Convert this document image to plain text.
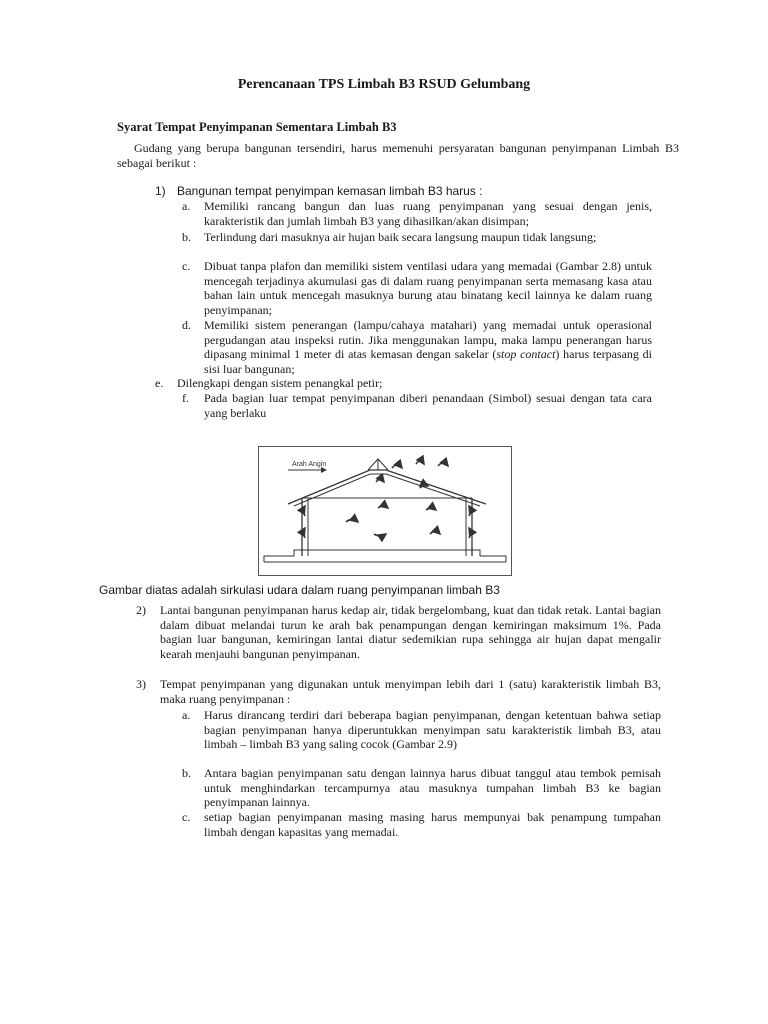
Perencanaan TPS Limbah B3 RSUD Gelumbang
Syarat Tempat Penyimpanan Sementara Limbah B3
Gudang yang berupa bangunan tersendiri, harus memenuhi persyaratan bangunan penyimpanan Limbah B3 sebagai berikut :
1) Bangunan tempat penyimpan kemasan limbah B3 harus :
a. Memiliki rancang bangun dan luas ruang penyimpanan yang sesuai dengan jenis, karakteristik dan jumlah limbah B3 yang dihasilkan/akan disimpan;
b. Terlindung dari masuknya air hujan baik secara langsung maupun tidak langsung;
c. Dibuat tanpa plafon dan memiliki sistem ventilasi udara yang memadai (Gambar 2.8) untuk mencegah terjadinya akumulasi gas di dalam ruang penyimpanan serta memasang kasa atau bahan lain untuk mencegah masuknya burung atau binatang kecil lainnya ke dalam ruang penyimpanan;
d. Memiliki sistem penerangan (lampu/cahaya matahari) yang memadai untuk operasional pergudangan atau inspeksi rutin. Jika menggunakan lampu, maka lampu penerangan harus dipasang minimal 1 meter di atas kemasan dengan sakelar (stop contact) harus terpasang di sisi luar bangunan;
e. Dilengkapi dengan sistem penangkal petir;
f. Pada bagian luar tempat penyimpanan diberi penandaan (Simbol) sesuai dengan tata cara yang berlaku
Arah Angin
Gambar diatas adalah sirkulasi udara dalam ruang penyimpanan limbah B3
2) Lantai bangunan penyimpanan harus kedap air, tidak bergelombang, kuat dan tidak retak. Lantai bagian dalam dibuat melandai turun ke arah bak penampungan dengan kemiringan maksimum 1%. Pada bagian luar bangunan, kemiringan lantai diatur sedemikian rupa sehingga air hujan dapat mengalir kearah menjauhi bangunan penyimpanan.
3) Tempat penyimpanan yang digunakan untuk menyimpan lebih dari 1 (satu) karakteristik limbah B3, maka ruang penyimpanan :
a. Harus dirancang terdiri dari beberapa bagian penyimpanan, dengan ketentuan bahwa setiap bagian penyimpanan hanya diperuntukkan menyimpan satu karakteristik limbah B3, atau limbah – limbah B3 yang saling cocok (Gambar 2.9)
b. Antara bagian penyimpanan satu dengan lainnya harus dibuat tanggul atau tembok pemisah untuk menghindarkan tercampurnya atau masuknya tumpahan limbah B3 ke bagian penyimpanan lainnya.
c. setiap bagian penyimpanan masing masing harus mempunyai bak penampung tumpahan limbah dengan kapasitas yang memadai.
